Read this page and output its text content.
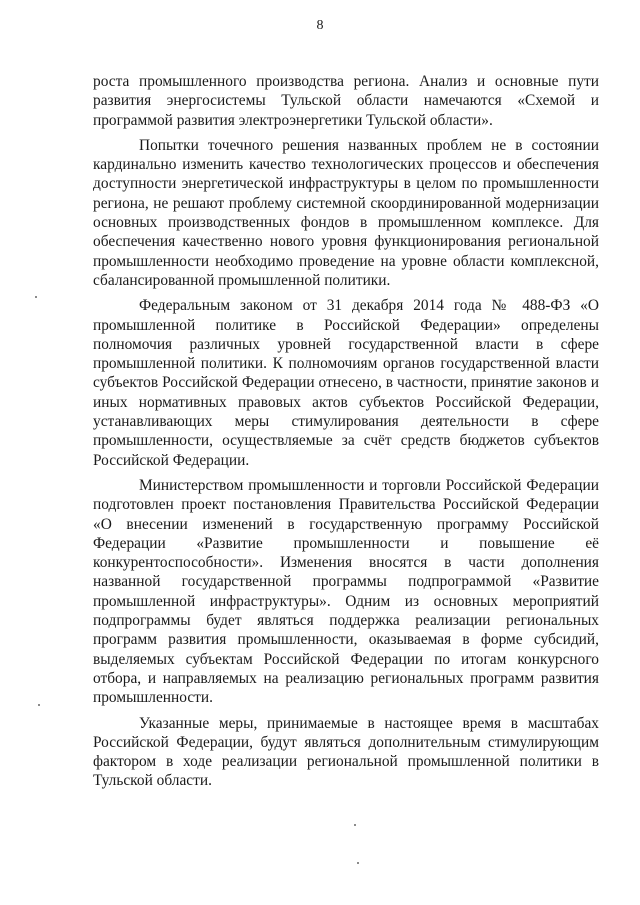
8

роста промышленного производства региона. Анализ и основные пути развития энергосистемы Тульской области намечаются «Схемой и программой развития электроэнергетики Тульской области».

Попытки точечного решения названных проблем не в состоянии кардинально изменить качество технологических процессов и обеспечения доступности энергетической инфраструктуры в целом по промышленности региона, не решают проблему системной скоординированной модернизации основных производственных фондов в промышленном комплексе. Для обеспечения качественно нового уровня функционирования региональной промышленности необходимо проведение на уровне области комплексной, сбалансированной промышленной политики.

Федеральным законом от 31 декабря 2014 года № 488-ФЗ «О промышленной политике в Российской Федерации» определены полномочия различных уровней государственной власти в сфере промышленной политики. К полномочиям органов государственной власти субъектов Российской Федерации отнесено, в частности, принятие законов и иных нормативных правовых актов субъектов Российской Федерации, устанавливающих меры стимулирования деятельности в сфере промышленности, осуществляемые за счёт средств бюджетов субъектов Российской Федерации.

Министерством промышленности и торговли Российской Федерации подготовлен проект постановления Правительства Российской Федерации «О внесении изменений в государственную программу Российской Федерации «Развитие промышленности и повышение её конкурентоспособности». Изменения вносятся в части дополнения названной государственной программы подпрограммой «Развитие промышленной инфраструктуры». Одним из основных мероприятий подпрограммы будет являться поддержка реализации региональных программ развития промышленности, оказываемая в форме субсидий, выделяемых субъектам Российской Федерации по итогам конкурсного отбора, и направляемых на реализацию региональных программ развития промышленности.

Указанные меры, принимаемые в настоящее время в масштабах Российской Федерации, будут являться дополнительным стимулирующим фактором в ходе реализации региональной промышленной политики в Тульской области.
